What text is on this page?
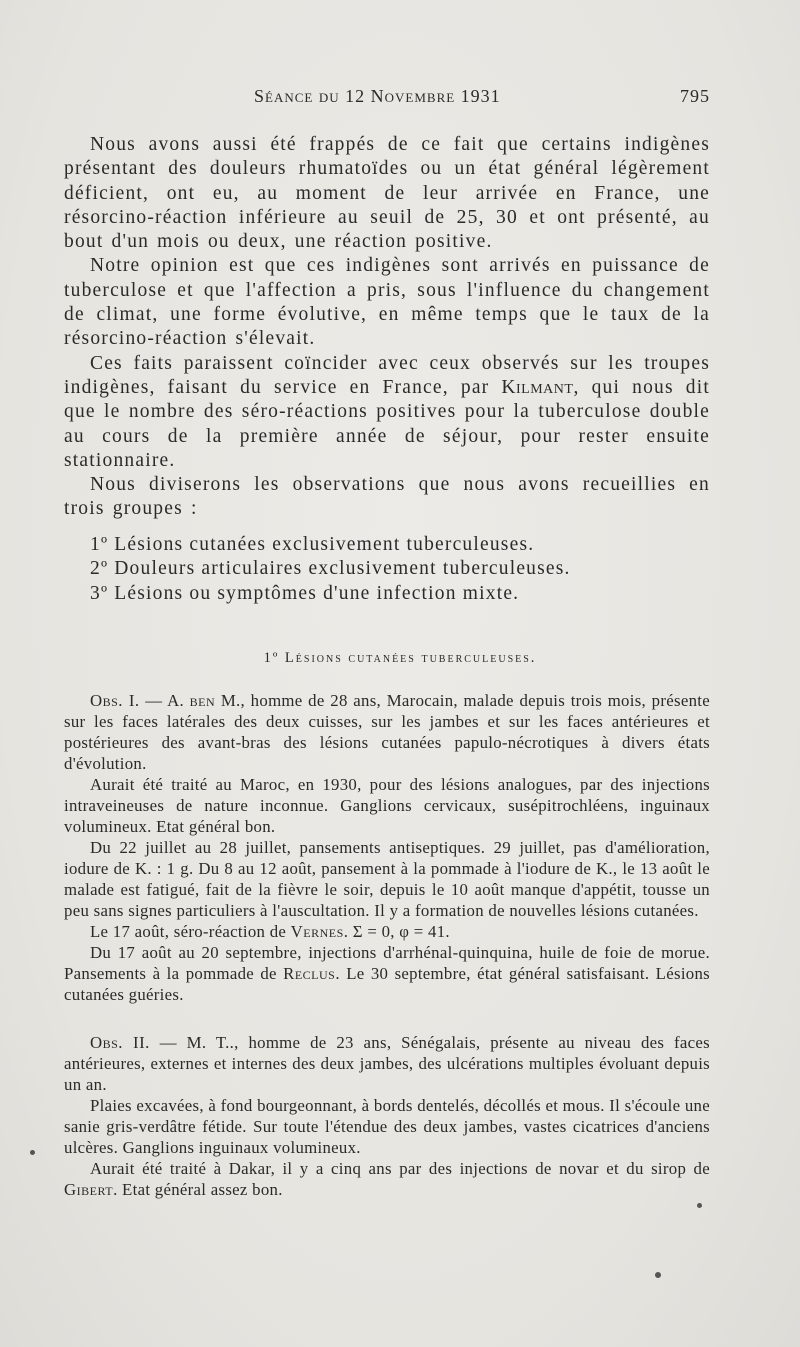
Séance du 12 Novembre 1931	795

Nous avons aussi été frappés de ce fait que certains indigènes présentant des douleurs rhumatoïdes ou un état général légèrement déficient, ont eu, au moment de leur arrivée en France, une résorcino-réaction inférieure au seuil de 25, 30 et ont présenté, au bout d'un mois ou deux, une réaction positive.

Notre opinion est que ces indigènes sont arrivés en puissance de tuberculose et que l'affection a pris, sous l'influence du changement de climat, une forme évolutive, en même temps que le taux de la résorcino-réaction s'élevait.

Ces faits paraissent coïncider avec ceux observés sur les troupes indigènes, faisant du service en France, par Kilmant, qui nous dit que le nombre des séro-réactions positives pour la tuberculose double au cours de la première année de séjour, pour rester ensuite stationnaire.

Nous diviserons les observations que nous avons recueillies en trois groupes :

1º Lésions cutanées exclusivement tuberculeuses.
2º Douleurs articulaires exclusivement tuberculeuses.
3º Lésions ou symptômes d'une infection mixte.
1º Lésions cutanées tuberculeuses.

Obs. I. — A. ben M., homme de 28 ans, Marocain, malade depuis trois mois, présente sur les faces latérales des deux cuisses, sur les jambes et sur les faces antérieures et postérieures des avant-bras des lésions cutanées papulo-nécrotiques à divers états d'évolution.

Aurait été traité au Maroc, en 1930, pour des lésions analogues, par des injections intraveineuses de nature inconnue. Ganglions cervicaux, susépitrochléens, inguinaux volumineux. Etat général bon.

Du 22 juillet au 28 juillet, pansements antiseptiques. 29 juillet, pas d'amélioration, iodure de K. : 1 g. Du 8 au 12 août, pansement à la pommade à l'iodure de K., le 13 août le malade est fatigué, fait de la fièvre le soir, depuis le 10 août manque d'appétit, tousse un peu sans signes particuliers à l'auscultation. Il y a formation de nouvelles lésions cutanées.

Le 17 août, séro-réaction de Vernes. Σ = 0, φ = 41.

Du 17 août au 20 septembre, injections d'arrhénal-quinquina, huile de foie de morue. Pansements à la pommade de Reclus. Le 30 septembre, état général satisfaisant. Lésions cutanées guéries.

Obs. II. — M. T.., homme de 23 ans, Sénégalais, présente au niveau des faces antérieures, externes et internes des deux jambes, des ulcérations multiples évoluant depuis un an.

Plaies excavées, à fond bourgeonnant, à bords dentelés, décollés et mous. Il s'écoule une sanie gris-verdâtre fétide. Sur toute l'étendue des deux jambes, vastes cicatrices d'anciens ulcères. Ganglions inguinaux volumineux.

Aurait été traité à Dakar, il y a cinq ans par des injections de novar et du sirop de Gibert. Etat général assez bon.
